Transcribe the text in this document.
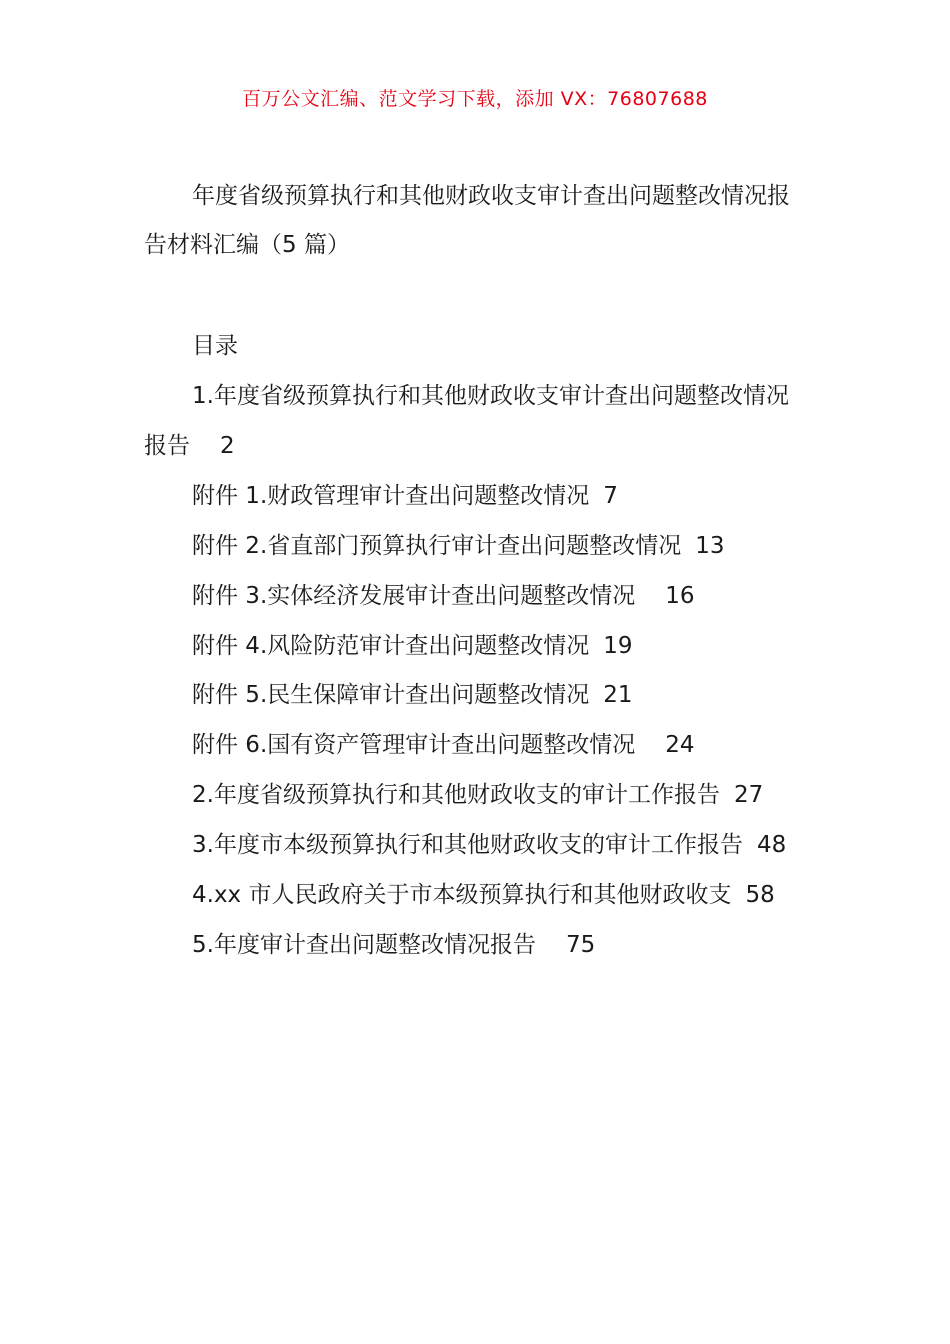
百万公文汇编、范文学习下载，添加 VX：76807688

年度省级预算执行和其他财政收支审计查出问题整改情况报告材料汇编（5 篇）

目录
1.年度省级预算执行和其他财政收支审计查出问题整改情况报告 2
附件 1.财政管理审计查出问题整改情况 7
附件 2.省直部门预算执行审计查出问题整改情况 13
附件 3.实体经济发展审计查出问题整改情况 16
附件 4.风险防范审计查出问题整改情况 19
附件 5.民生保障审计查出问题整改情况 21
附件 6.国有资产管理审计查出问题整改情况 24
2.年度省级预算执行和其他财政收支的审计工作报告 27
3.年度市本级预算执行和其他财政收支的审计工作报告 48
4.xx 市人民政府关于市本级预算执行和其他财政收支 58
5.年度审计查出问题整改情况报告 75
